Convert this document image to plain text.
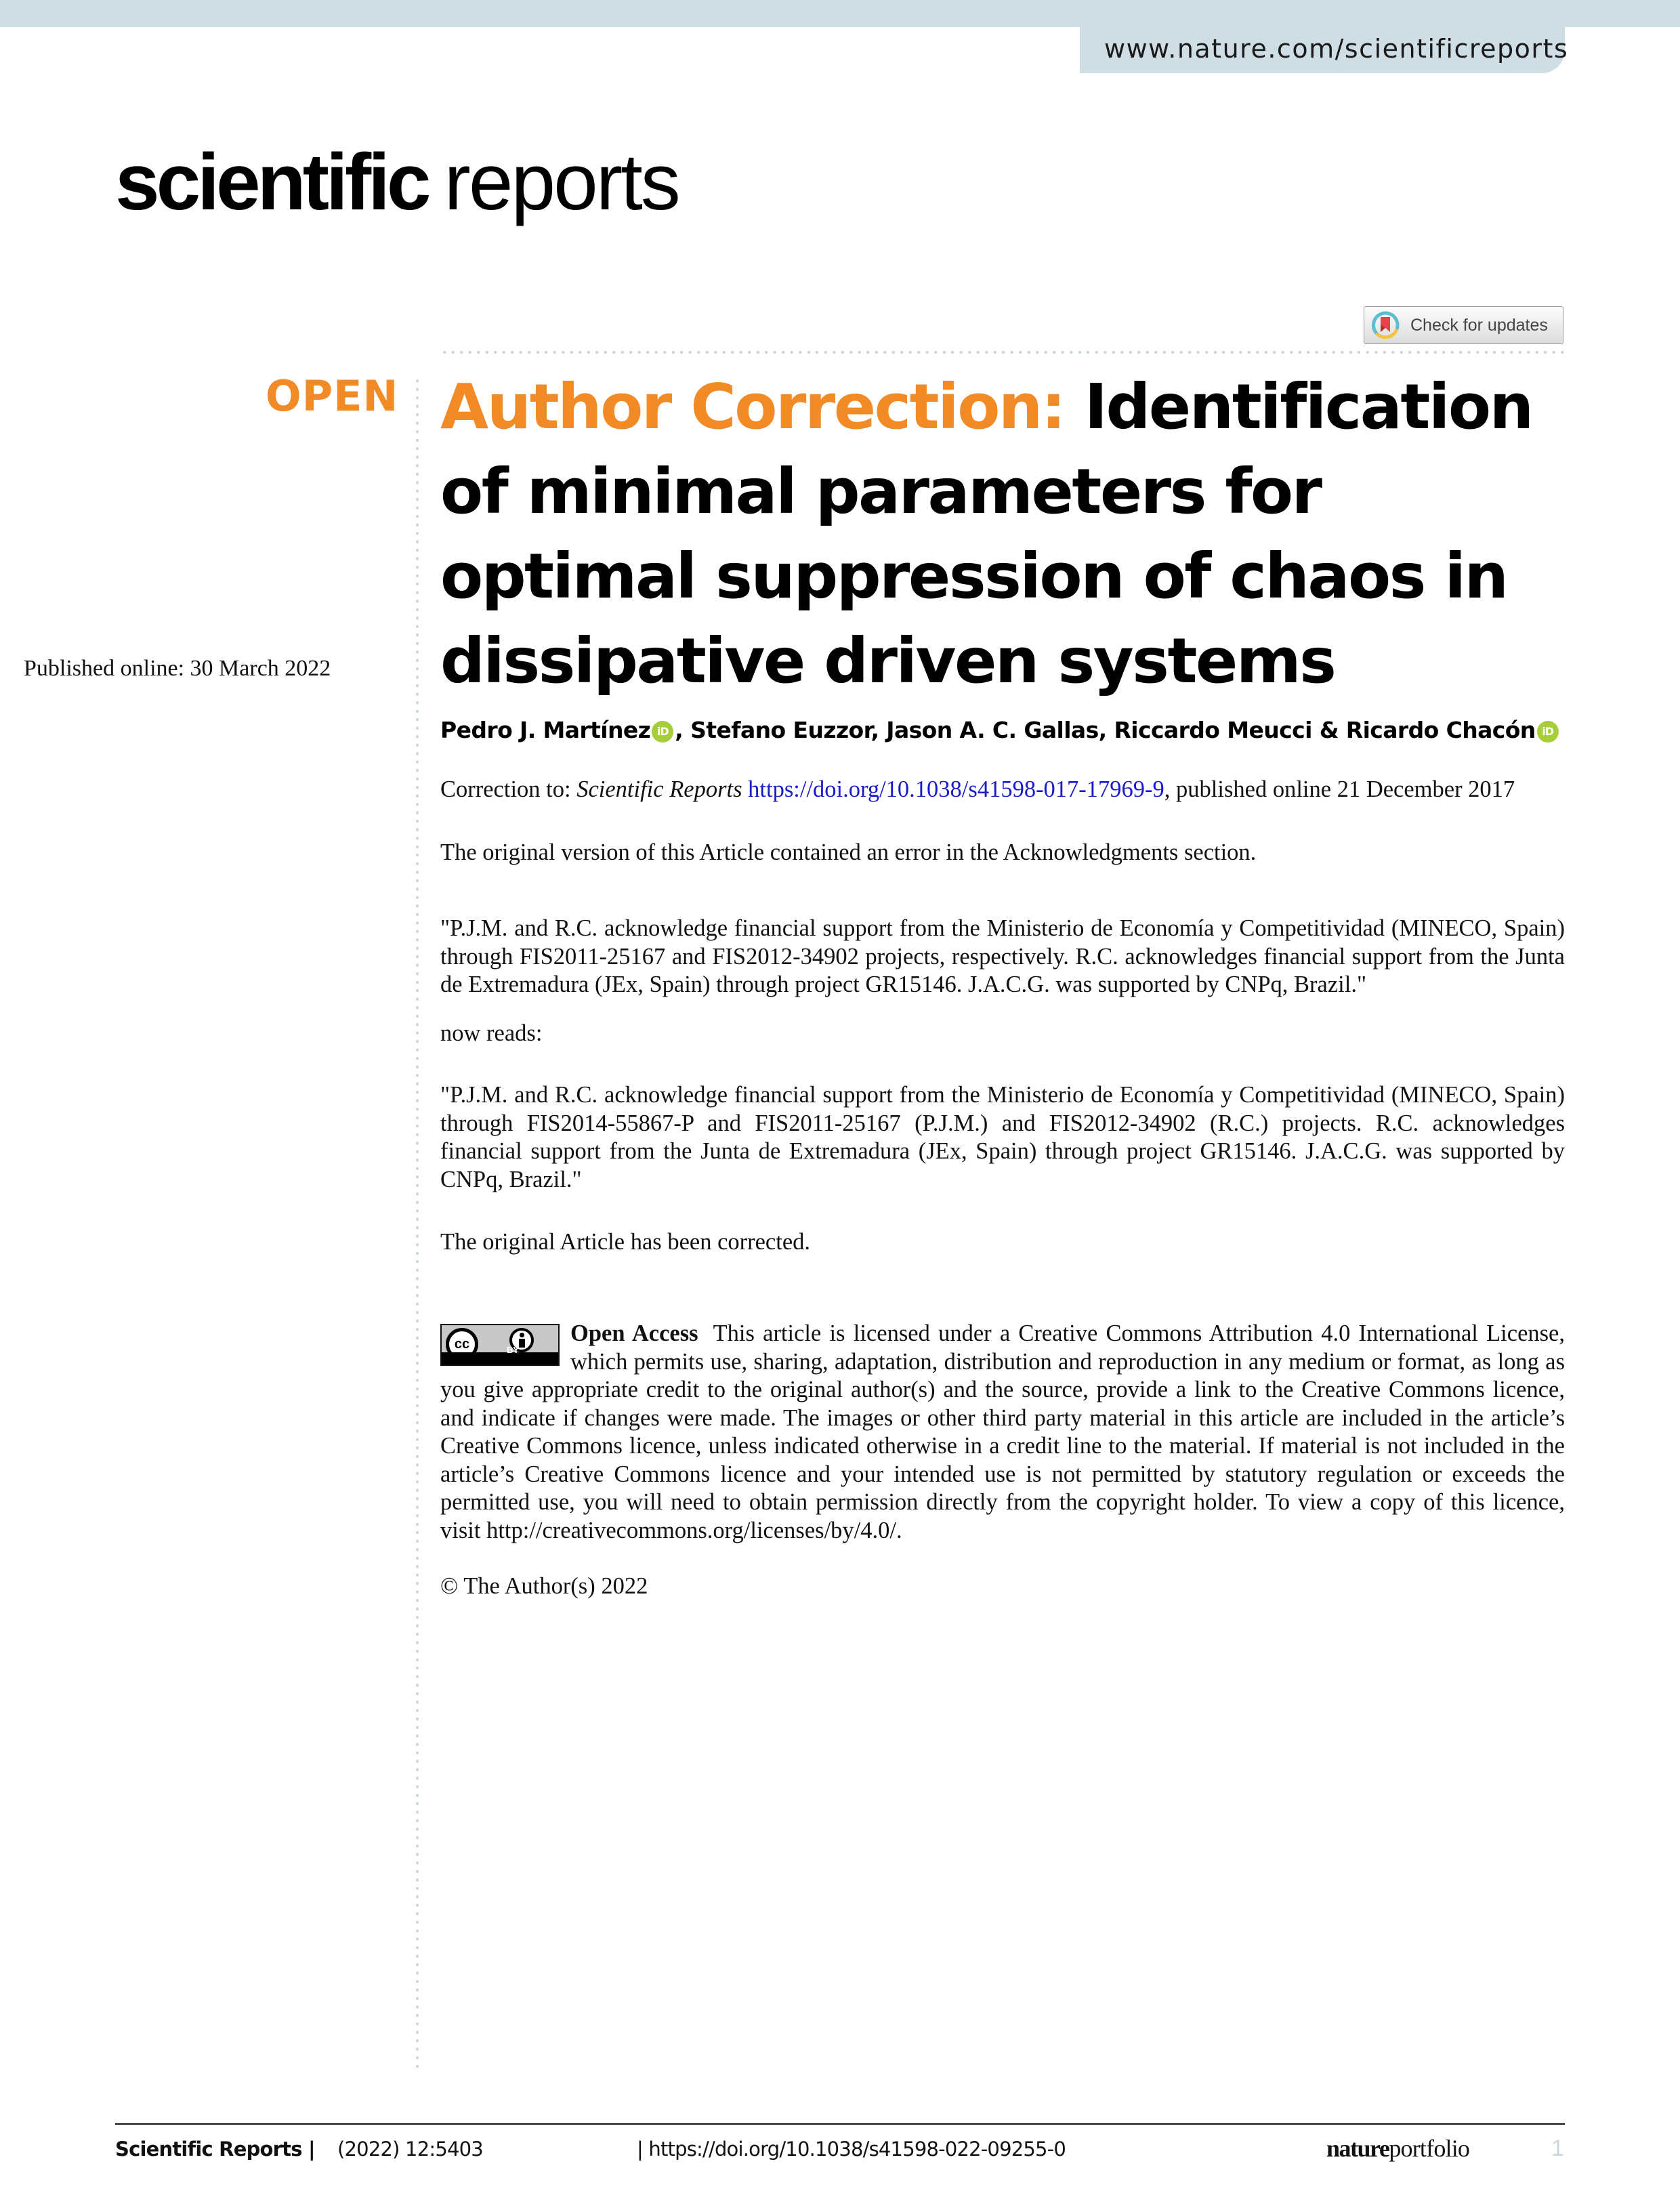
www.nature.com/scientificreports
scientific reports
Check for updates
OPEN
Published online: 30 March 2022
Author Correction: Identification of minimal parameters for optimal suppression of chaos in dissipative driven systems
Pedro J. Martínez iD , Stefano Euzzor, Jason A. C. Gallas, Riccardo Meucci & Ricardo Chacón iD
Correction to: Scientific Reports https://doi.org/10.1038/s41598-017-17969-9, published online 21 December 2017

The original version of this Article contained an error in the Acknowledgments section.

"P.J.M. and R.C. acknowledge financial support from the Ministerio de Economía y Competitividad (MINECO, Spain) through FIS2011-25167 and FIS2012-34902 projects, respectively. R.C. acknowledges financial support from the Junta de Extremadura (JEx, Spain) through project GR15146. J.A.C.G. was supported by CNPq, Brazil."

now reads:

"P.J.M. and R.C. acknowledge financial support from the Ministerio de Economía y Competitividad (MINECO, Spain) through FIS2014-55867-P and FIS2011-25167 (P.J.M.) and FIS2012-34902 (R.C.) projects. R.C. acknowledges financial support from the Junta de Extremadura (JEx, Spain) through project GR15146. J.A.C.G. was supported by CNPq, Brazil."

The original Article has been corrected.

cc	BY
Open Access This article is licensed under a Creative Commons Attribution 4.0 International License, which permits use, sharing, adaptation, distribution and reproduction in any medium or format, as long as you give appropriate credit to the original author(s) and the source, provide a link to the Creative Commons licence, and indicate if changes were made. The images or other third party material in this article are included in the article’s Creative Commons licence, unless indicated otherwise in a credit line to the material. If material is not included in the article’s Creative Commons licence and your intended use is not permitted by statutory regulation or exceeds the permitted use, you will need to obtain permission directly from the copyright holder. To view a copy of this licence, visit http://creativecommons.org/licenses/by/4.0/.
© The Author(s) 2022
Scientific Reports | (2022) 12:5403	| https://doi.org/10.1038/s41598-022-09255-0	natureportfolio	1
